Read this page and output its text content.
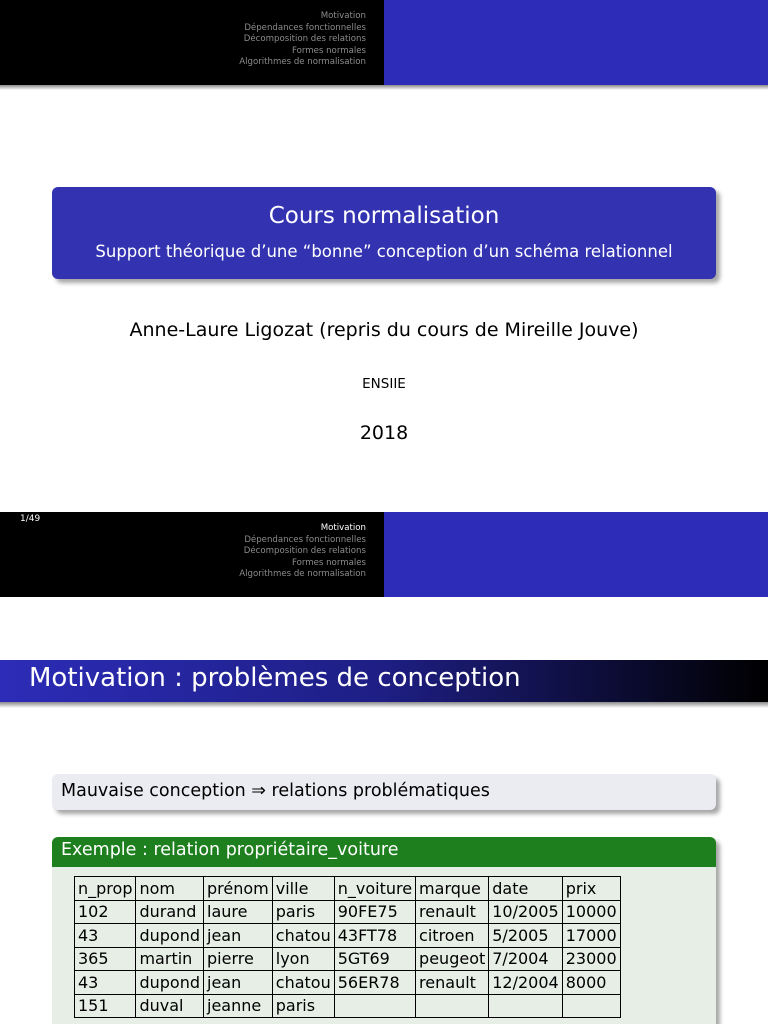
Motivation
Dépendances fonctionnelles
Décomposition des relations
Formes normales
Algorithmes de normalisation
Cours normalisation
Support théorique d’une “bonne” conception d’un schéma relationnel
Anne-Laure Ligozat (repris du cours de Mireille Jouve)
ENSIIE
2018
1/49
Motivation
Dépendances fonctionnelles
Décomposition des relations
Formes normales
Algorithmes de normalisation
Motivation : problèmes de conception
Mauvaise conception ⇒ relations problématiques
Exemple : relation propriétaire_voiture
n_prop	nom	prénom	ville	n_voiture	marque	date	prix
102	durand	laure	paris	90FE75	renault	10/2005	10000
43	dupond	jean	chatou	43FT78	citroen	5/2005	17000
365	martin	pierre	lyon	5GT69	peugeot	7/2004	23000
43	dupond	jean	chatou	56ER78	renault	12/2004	8000
151	duval	jeanne	paris				
